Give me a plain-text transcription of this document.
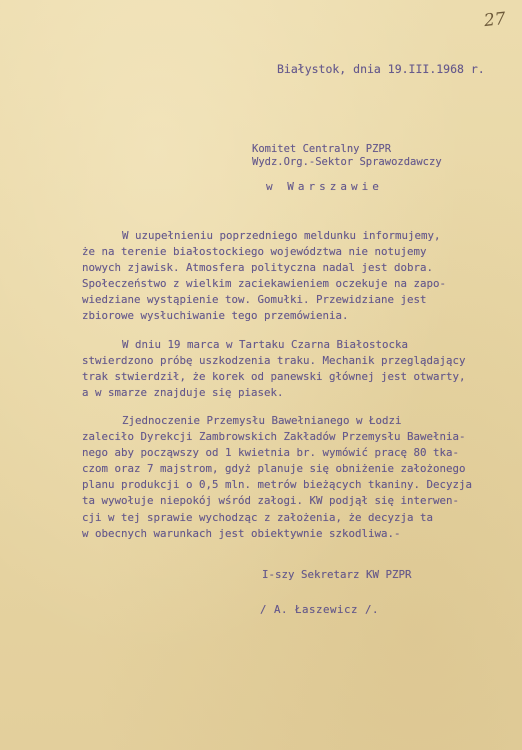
27
Białystok, dnia 19.III.1968 r.
Komitet Centralny PZPR
Wydz.Org.-Sektor Sprawozdawczy
w Warszawie

W uzupełnieniu poprzedniego meldunku informujemy,

że na terenie białostockiego województwa nie notujemy

nowych zjawisk. Atmosfera polityczna nadal jest dobra.

Społeczeństwo z wielkim zaciekawieniem oczekuje na zapo-

wiedziane wystąpienie tow. Gomułki. Przewidziane jest

zbiorowe wysłuchiwanie tego przemówienia.

W dniu 19 marca w Tartaku Czarna Białostocka

stwierdzono próbę uszkodzenia traku. Mechanik przeglądający

trak stwierdził, że korek od panewski głównej jest otwarty,

a w smarze znajduje się piasek.

Zjednoczenie Przemysłu Bawełnianego w Łodzi

zaleciło Dyrekcji Zambrowskich Zakładów Przemysłu Bawełnia-

nego aby począwszy od 1 kwietnia br. wymówić pracę 80 tka-

czom oraz 7 majstrom, gdyż planuje się obniżenie założonego

planu produkcji o 0,5 mln. metrów bieżących tkaniny. Decyzja

ta wywołuje niepokój wśród załogi. KW podjął się interwen-

cji w tej sprawie wychodząc z założenia, że decyzja ta

w obecnych warunkach jest obiektywnie szkodliwa.-

I-szy Sekretarz KW PZPR
/ A. Łaszewicz /.
